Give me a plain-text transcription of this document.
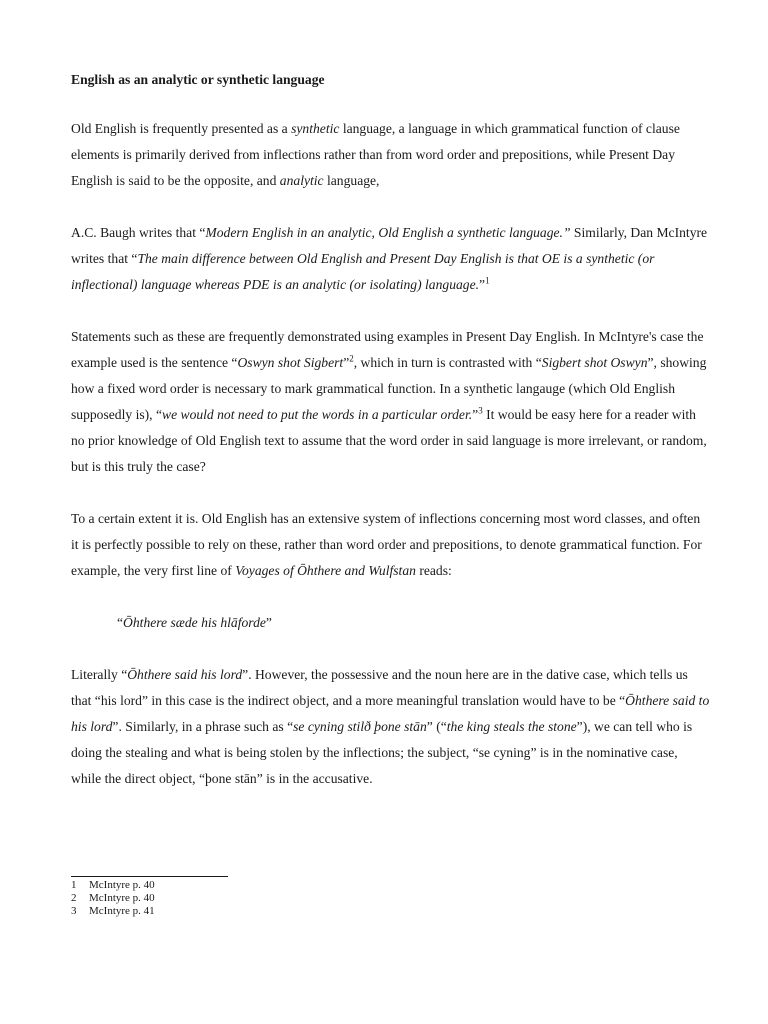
English as an analytic or synthetic language

Old English is frequently presented as a synthetic language, a language in which grammatical function of clause elements is primarily derived from inflections rather than from word order and prepositions, while Present Day English is said to be the opposite, and analytic language,

A.C. Baugh writes that “Modern English in an analytic, Old English a synthetic language.” Similarly, Dan McIntyre writes that “The main difference between Old English and Present Day English is that OE is a synthetic (or inflectional) language whereas PDE is an analytic (or isolating) language.”$^1$

Statements such as these are frequently demonstrated using examples in Present Day English. In McIntyre's case the example used is the sentence “Oswyn shot Sigbert”$^2$, which in turn is contrasted with “Sigbert shot Oswyn”, showing how a fixed word order is necessary to mark grammatical function. In a synthetic langauge (which Old English supposedly is), “we would not need to put the words in a particular order.”$^3$ It would be easy here for a reader with no prior knowledge of Old English text to assume that the word order in said language is more irrelevant, or random, but is this truly the case?

To a certain extent it is. Old English has an extensive system of inflections concerning most word classes, and often it is perfectly possible to rely on these, rather than word order and prepositions, to denote grammatical function. For example, the very first line of Voyages of Ōhthere and Wulfstan reads:

“Ōhthere sæde his hlāforde”

Literally “Ōhthere said his lord”. However, the possessive and the noun here are in the dative case, which tells us that “his lord” in this case is the indirect object, and a more meaningful translation would have to be “Ōhthere said to his lord”. Similarly, in a phrase such as “se cyning stilð þone stān” (“the king steals the stone”), we can tell who is doing the stealing and what is being stolen by the inflections; the subject, “se cyning” is in the nominative case, while the direct object, “þone stān” is in the accusative.

1	McIntyre p. 40
2	McIntyre p. 40
3	McIntyre p. 41
